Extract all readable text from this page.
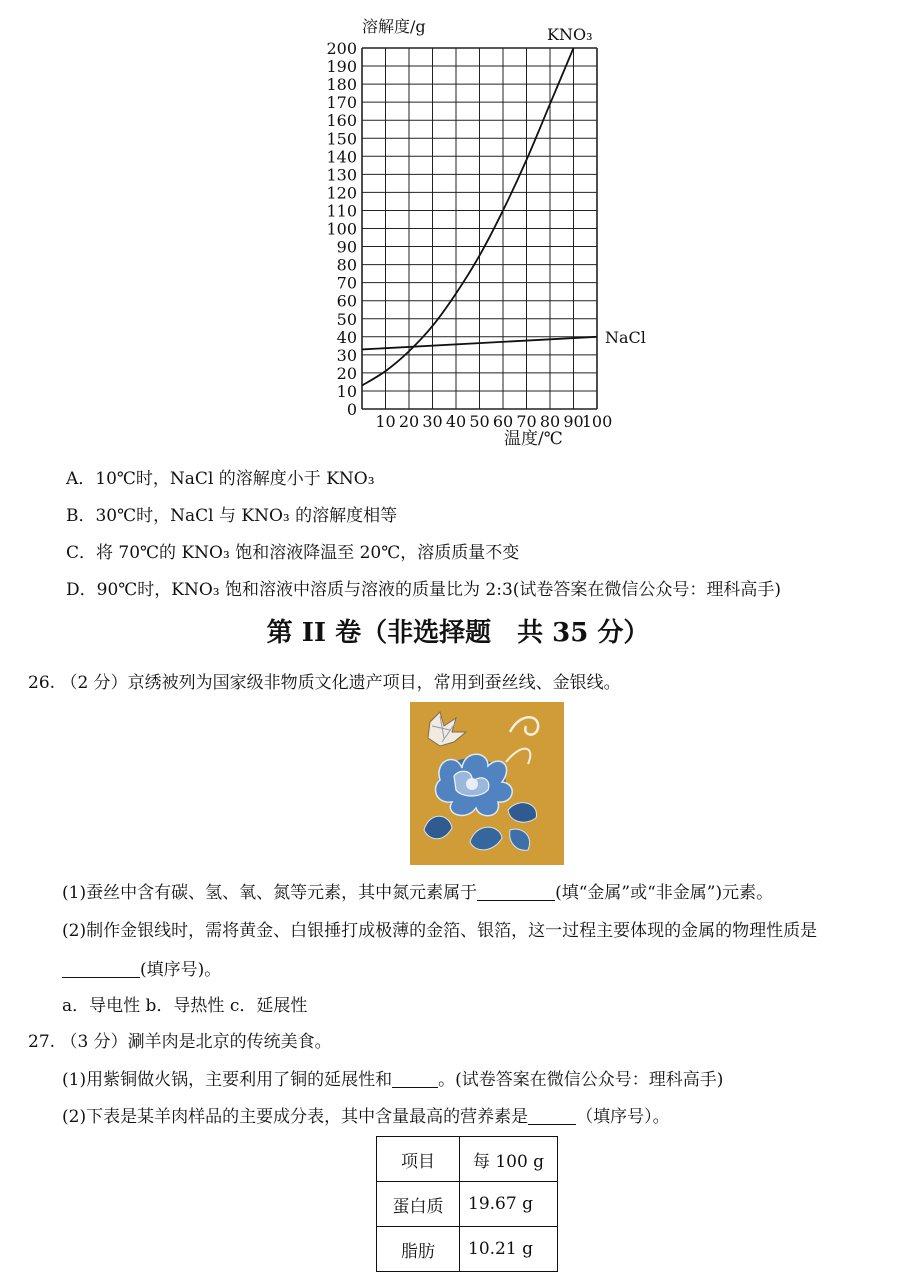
0
10
20
30
40
50
60
70
80
90
100
110
120
130
140
150
160
170
180
190
200
10 20 30 40 50 60 70 80 90
100
溶解度/g
温度/℃
KNO₃
NaCl
A．10℃时，NaCl 的溶解度小于 KNO₃
B．30℃时，NaCl 与 KNO₃ 的溶解度相等
C．将 70℃的 KNO₃ 饱和溶液降温至 20℃，溶质质量不变
D．90℃时，KNO₃ 饱和溶液中溶质与溶液的质量比为 2:3(试卷答案在微信公众号：理科高手)
第 II 卷（非选择题　共 35 分）
26. （2 分）京绣被列为国家级非物质文化遗产项目，常用到蚕丝线、金银线。
(1)蚕丝中含有碳、氢、氧、氮等元素，其中氮元素属于	(填“金属”或“非金属”)元素。
(2)制作金银线时，需将黄金、白银捶打成极薄的金箔、银箔，这一过程主要体现的金属的物理性质是
(填序号)。
a．导电性 b．导热性 c．延展性
27. （3 分）涮羊肉是北京的传统美食。
(1)用紫铜做火锅，主要利用了铜的延展性和	。(试卷答案在微信公众号：理科高手)
(2)下表是某羊肉样品的主要成分表，其中含量最高的营养素是	（填序号）。
项目	每 100 g
蛋白质	19.67 g
脂肪	10.21 g
